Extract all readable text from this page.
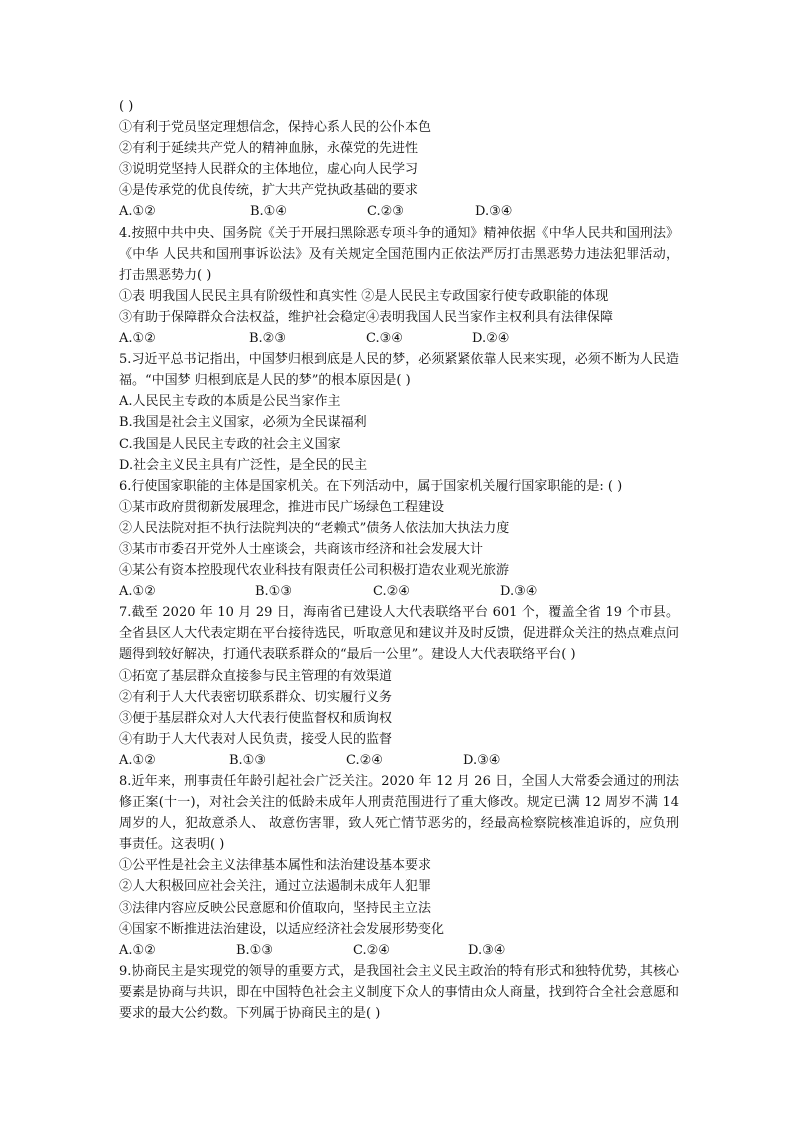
( )
①有利于党员坚定理想信念，保持心系人民的公仆本色
②有利于延续共产党人的精神血脉，永葆党的先进性
③说明党坚持人民群众的主体地位，虚心向人民学习
④是传承党的优良传统，扩大共产党执政基础的要求
A.①②	B.①④	C.②③	D.③④
4.按照中共中央、国务院《关于开展扫黑除恶专项斗争的通知》精神依据《中华人民共和国刑法》《中华 人民共和国刑事诉讼法》及有关规定全国范围内正依法严厉打击黑恶势力违法犯罪活动，打击黑恶势力( )
①表 明我国人民民主具有阶级性和真实性 ②是人民民主专政国家行使专政职能的体现
③有助于保障群众合法权益，维护社会稳定④表明我国人民当家作主权利具有法律保障
A.①②	B.②③	C.③④	D.②④
5.习近平总书记指出，中国梦归根到底是人民的梦，必须紧紧依靠人民来实现，必须不断为人民造福。“中国梦 归根到底是人民的梦”的根本原因是( )
A.人民民主专政的本质是公民当家作主
B.我国是社会主义国家，必须为全民谋福利
C.我国是人民民主专政的社会主义国家
D.社会主义民主具有广泛性，是全民的民主
6.行使国家职能的主体是国家机关。在下列活动中，属于国家机关履行国家职能的是: ( )
①某市政府贯彻新发展理念，推进市民广场绿色工程建设
②人民法院对拒不执行法院判决的“老赖式”债务人依法加大执法力度
③某市市委召开党外人士座谈会，共商该市经济和社会发展大计
④某公有资本控股现代农业科技有限责任公司积极打造农业观光旅游
A.①②	B.①③	C.②④	D.③④
7.截至 2020 年 10 月 29 日，海南省已建设人大代表联络平台 601 个，覆盖全省 19 个市县。全省县区人大代表定期在平台接待选民，听取意见和建议并及时反馈，促进群众关注的热点难点问题得到较好解决，打通代表联系群众的“最后一公里”。建设人大代表联络平台( )
①拓宽了基层群众直接参与民主管理的有效渠道
②有利于人大代表密切联系群众、切实履行义务
③便于基层群众对人大代表行使监督权和质询权
④有助于人大代表对人民负责，接受人民的监督
A.①②	B.①③	C.②④	D.③④
8.近年来，刑事责任年龄引起社会广泛关注。2020 年 12 月 26 日，全国人大常委会通过的刑法修正案(十一)，对社会关注的低龄未成年人刑责范围进行了重大修改。规定已满 12 周岁不满 14 周岁的人，犯故意杀人、 故意伤害罪，致人死亡情节恶劣的，经最高检察院核准追诉的，应负刑事责任。这表明( )
①公平性是社会主义法律基本属性和法治建设基本要求
②人大积极回应社会关注，通过立法遏制未成年人犯罪
③法律内容应反映公民意愿和价值取向，坚持民主立法
④国家不断推进法治建设，以适应经济社会发展形势变化
A.①②	B.①③	C.②④	D.③④
9.协商民主是实现党的领导的重要方式，是我国社会主义民主政治的特有形式和独特优势，其核心要素是协商与共识，即在中国特色社会主义制度下众人的事情由众人商量，找到符合全社会意愿和要求的最大公约数。下列属于协商民主的是( )
